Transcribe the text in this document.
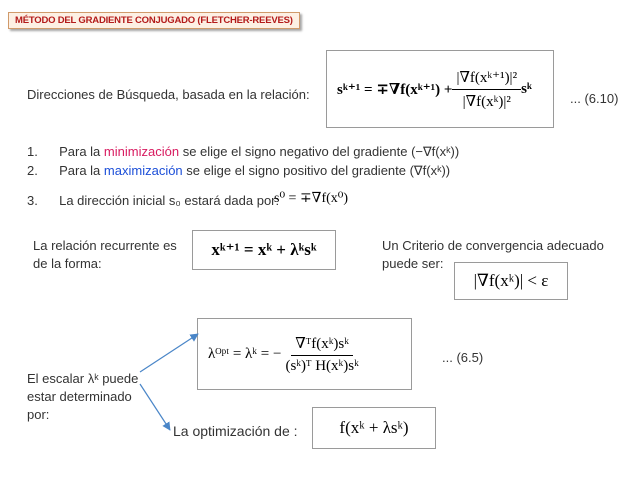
MÉTODO DEL GRADIENTE CONJUGADO (FLETCHER-REEVES)
Direcciones de Búsqueda, basada en la relación: sᵏ⁺¹ = ∓∇f(xᵏ⁺¹) + $\frac{\text{|∇f(xᵏ⁺¹)|²}}{\text{|∇f(xᵏ)|²}}$ sᵏ
... (6.10)
1. Para la minimización se elige el signo negativo del gradiente (−∇f(xᵏ))
2. Para la maximización se elige el signo positivo del gradiente (∇f(xᵏ))
3. La dirección inicial s₀ estará dada por:
s⁰ = ∓∇f(x⁰)
La relación recurrente es de la forma:
xᵏ⁺¹ = xᵏ + λᵏsᵏ	Un Criterio de convergencia adecuado puede ser:
|∇f(xᵏ)| < ε
λᴼᵖᵗ = λᵏ = − $\frac{\text{∇ᵀf(xᵏ)sᵏ}}{\text{(sᵏ)ᵀ H(xᵏ)sᵏ}}$	... (6.5)
El escalar λᵏ puede estar determinado por:
La optimización de : f(xᵏ + λsᵏ)
